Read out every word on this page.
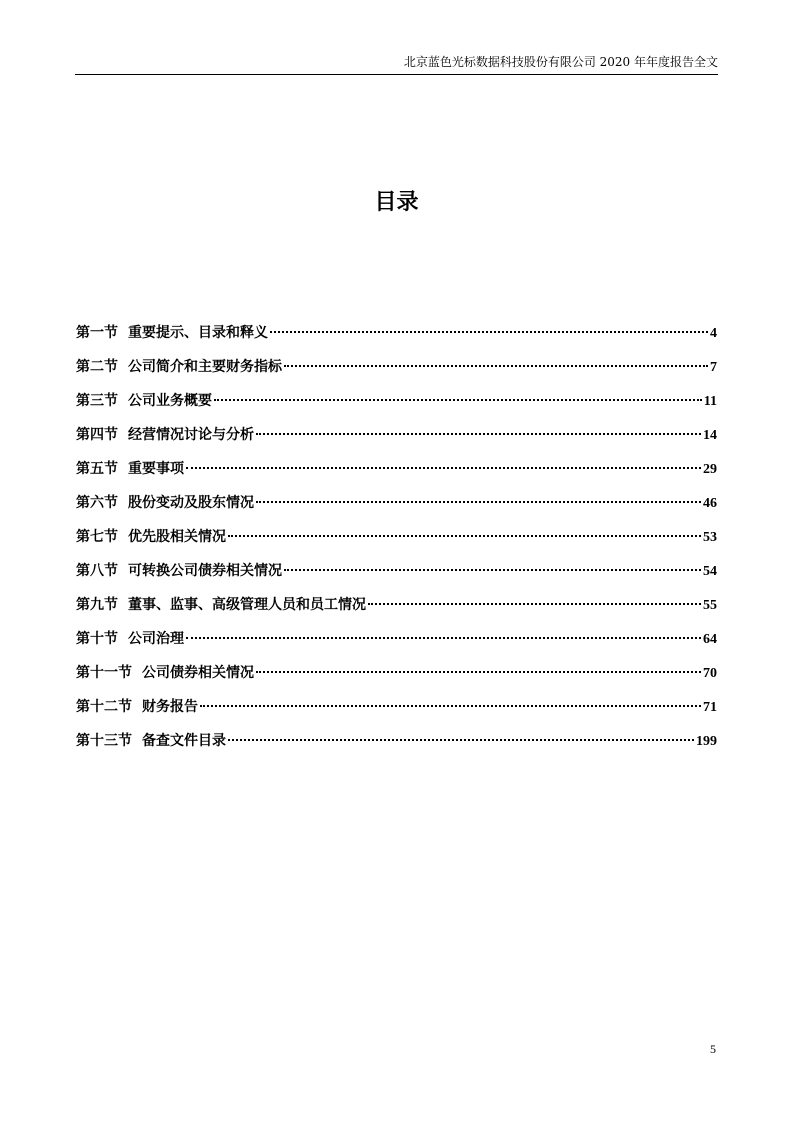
北京蓝色光标数据科技股份有限公司 2020 年年度报告全文
目录
第一节 重要提示、目录和释义	4
第二节 公司简介和主要财务指标	7
第三节 公司业务概要	11
第四节 经营情况讨论与分析	14
第五节 重要事项	29
第六节 股份变动及股东情况	46
第七节 优先股相关情况	53
第八节 可转换公司债券相关情况	54
第九节 董事、监事、高级管理人员和员工情况	55
第十节 公司治理	64
第十一节 公司债券相关情况	70
第十二节 财务报告	71
第十三节 备查文件目录	199
5
